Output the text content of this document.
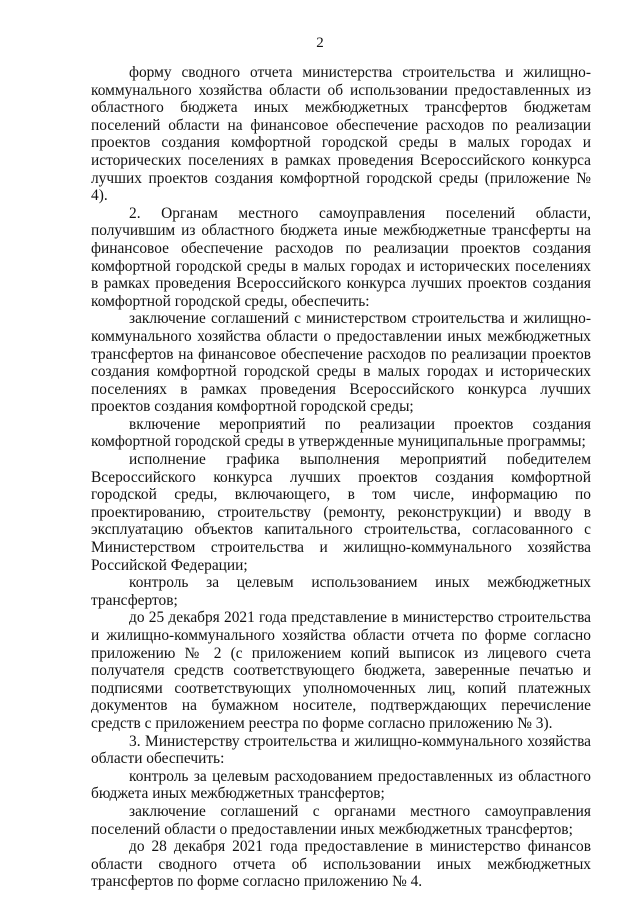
2

форму сводного отчета министерства строительства и жилищно-коммунального хозяйства области об использовании предоставленных из областного бюджета иных межбюджетных трансфертов бюджетам поселений области на финансовое обеспечение расходов по реализации проектов создания комфортной городской среды в малых городах и исторических поселениях в рамках проведения Всероссийского конкурса лучших проектов создания комфортной городской среды (приложение № 4).

2. Органам местного самоуправления поселений области, получившим из областного бюджета иные межбюджетные трансферты на финансовое обеспечение расходов по реализации проектов создания комфортной городской среды в малых городах и исторических поселениях в рамках проведения Всероссийского конкурса лучших проектов создания комфортной городской среды, обеспечить:

заключение соглашений с министерством строительства и жилищно-коммунального хозяйства области о предоставлении иных межбюджетных трансфертов на финансовое обеспечение расходов по реализации проектов создания комфортной городской среды в малых городах и исторических поселениях в рамках проведения Всероссийского конкурса лучших проектов создания комфортной городской среды;

включение мероприятий по реализации проектов создания комфортной городской среды в утвержденные муниципальные программы;

исполнение графика выполнения мероприятий победителем Всероссийского конкурса лучших проектов создания комфортной городской среды, включающего, в том числе, информацию по проектированию, строительству (ремонту, реконструкции) и вводу в эксплуатацию объектов капитального строительства, согласованного с Министерством строительства и жилищно-коммунального хозяйства Российской Федерации;

контроль за целевым использованием иных межбюджетных трансфертов;

до 25 декабря 2021 года представление в министерство строительства и жилищно-коммунального хозяйства области отчета по форме согласно приложению № 2 (с приложением копий выписок из лицевого счета получателя средств соответствующего бюджета, заверенные печатью и подписями соответствующих уполномоченных лиц, копий платежных документов на бумажном носителе, подтверждающих перечисление средств с приложением реестра по форме согласно приложению № 3).

3. Министерству строительства и жилищно-коммунального хозяйства области обеспечить:

контроль за целевым расходованием предоставленных из областного бюджета иных межбюджетных трансфертов;

заключение соглашений с органами местного самоуправления поселений области о предоставлении иных межбюджетных трансфертов;

до 28 декабря 2021 года предоставление в министерство финансов области сводного отчета об использовании иных межбюджетных трансфертов по форме согласно приложению № 4.
